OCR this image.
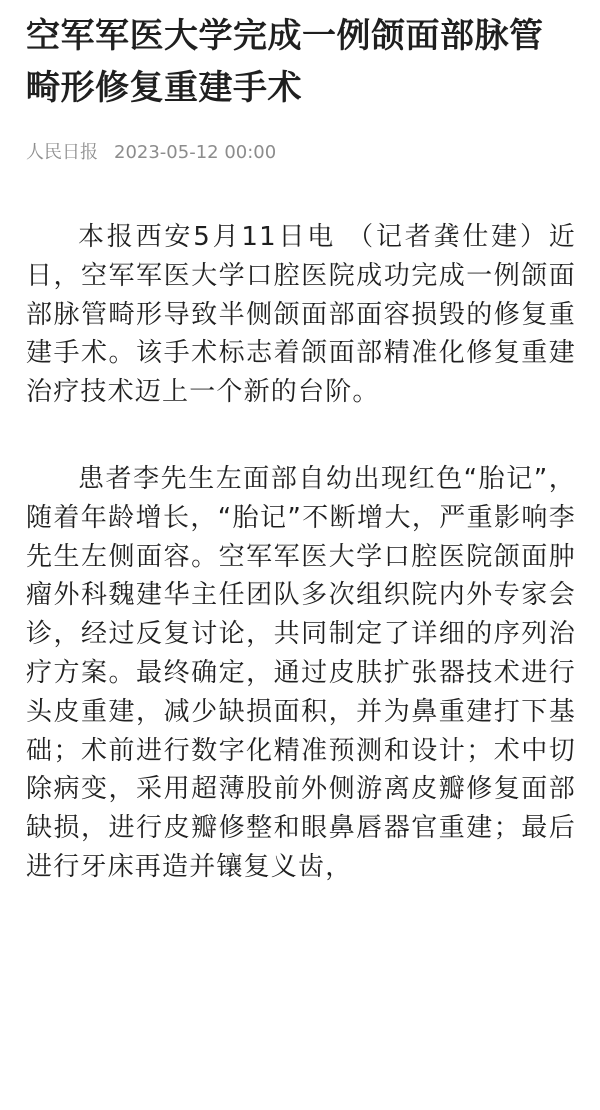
空军军医大学完成一例颌面部脉管畸形修复重建手术
人民日报 2023-05-12 00:00

本报西安5月11日电 （记者龚仕建）近日，空军军医大学口腔医院成功完成一例颌面部脉管畸形导致半侧颌面部面容损毁的修复重建手术。该手术标志着颌面部精准化修复重建治疗技术迈上一个新的台阶。

患者李先生左面部自幼出现红色“胎记”，随着年龄增长，“胎记”不断增大，严重影响李先生左侧面容。空军军医大学口腔医院颌面肿瘤外科魏建华主任团队多次组织院内外专家会诊，经过反复讨论，共同制定了详细的序列治疗方案。最终确定，通过皮肤扩张器技术进行头皮重建，减少缺损面积，并为鼻重建打下基础；术前进行数字化精准预测和设计；术中切除病变，采用超薄股前外侧游离皮瓣修复面部缺损，进行皮瓣修整和眼鼻唇器官重建；最后进行牙床再造并镶复义齿，
